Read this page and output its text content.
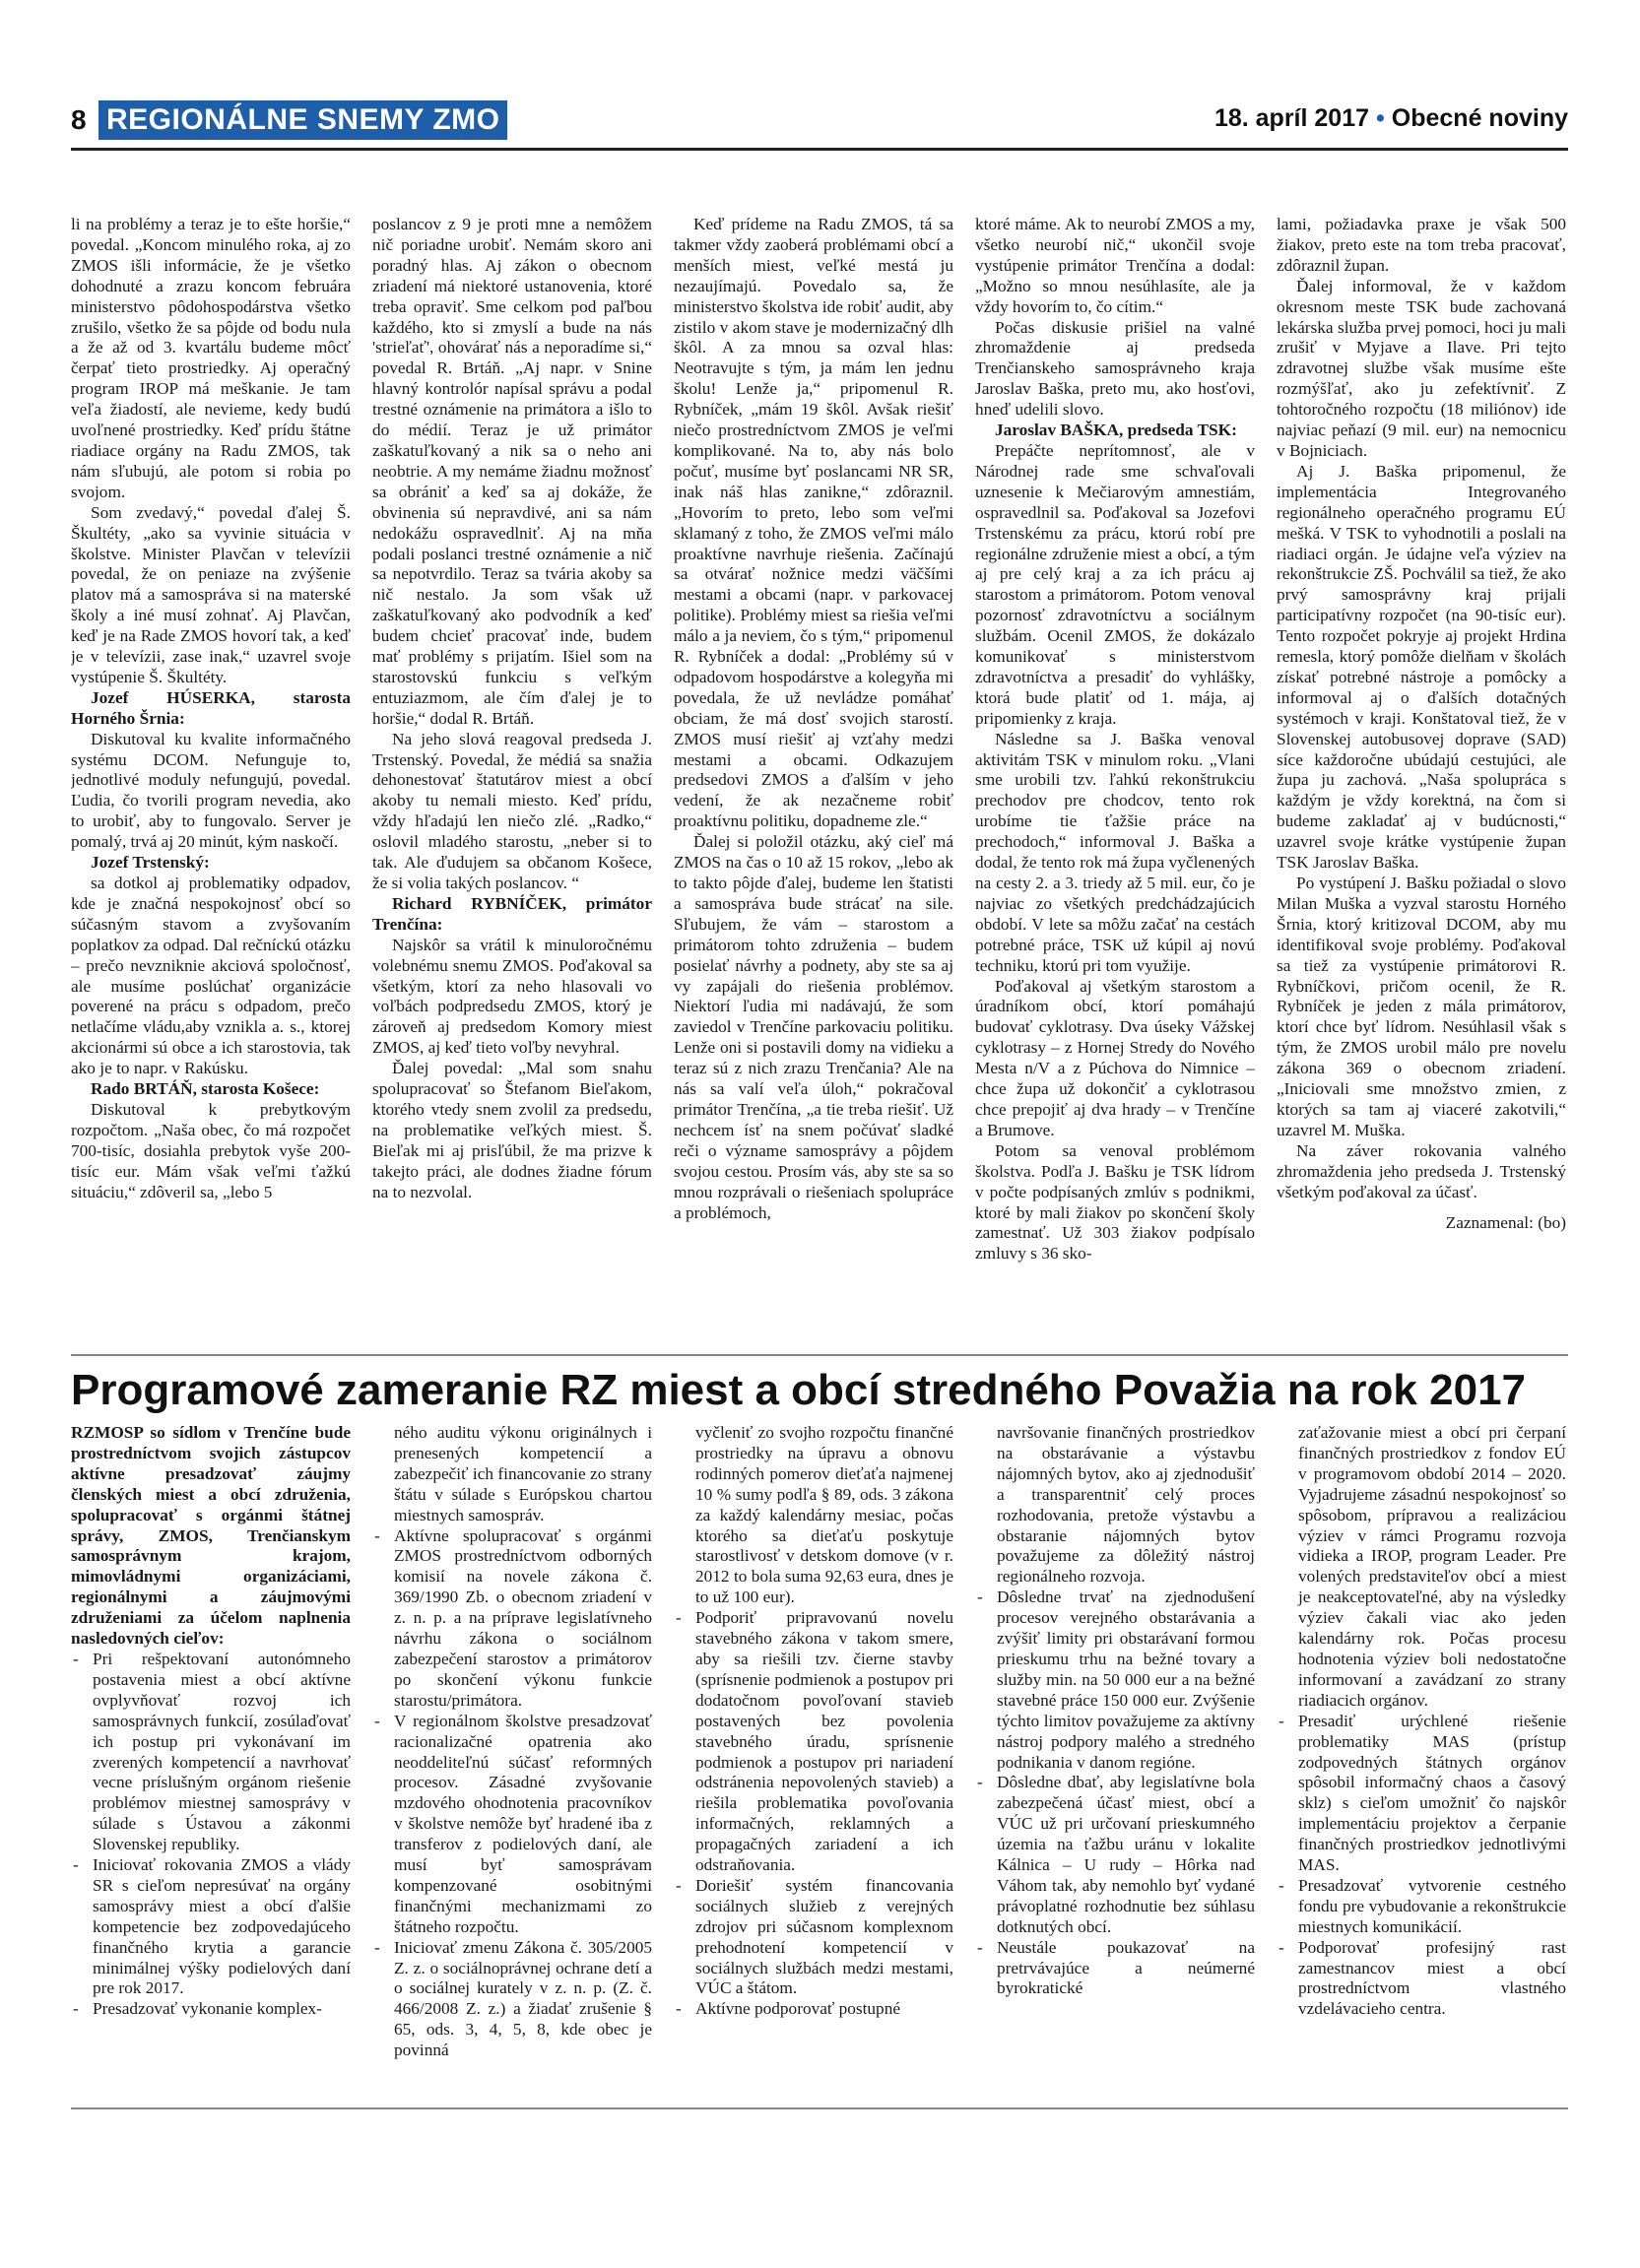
8 REGIONÁLNE SNEMY ZMO	18. apríl 2017 • Obecné noviny

li na problémy a teraz je to ešte horšie,“ povedal. „Koncom minulého roka, aj zo ZMOS išli informácie, že je všetko dohodnuté a zrazu koncom februára ministerstvo pôdohospodárstva všetko zrušilo, všetko že sa pôjde od bodu nula a že až od 3. kvartálu budeme môcť čerpať tieto prostriedky. Aj operačný program IROP má meškanie. Je tam veľa žiadostí, ale nevieme, kedy budú uvoľnené prostriedky. Keď prídu štátne riadiace orgány na Radu ZMOS, tak nám sľubujú, ale potom si robia po svojom.

Som zvedavý,“ povedal ďalej Š. Škultéty, „ako sa vyvinie situácia v školstve. Minister Plavčan v televízii povedal, že on peniaze na zvýšenie platov má a samospráva si na materské školy a iné musí zohnať. Aj Plavčan, keď je na Rade ZMOS hovorí tak, a keď je v televízii, zase inak,“ uzavrel svoje vystúpenie Š. Škultéty.

Jozef HÚSERKA, starosta Horného Šrnia:

Diskutoval ku kvalite informačného systému DCOM. Nefunguje to, jednotlivé moduly nefungujú, povedal. Ľudia, čo tvorili program nevedia, ako to urobiť, aby to fungovalo. Server je pomalý, trvá aj 20 minút, kým naskočí.

Jozef Trstenský:

sa dotkol aj problematiky odpadov, kde je značná nespokojnosť obcí so súčasným stavom a zvyšovaním poplatkov za odpad. Dal rečníckú otázku – prečo nevzniknie akciová spoločnosť, ale musíme poslúchať organizácie poverené na prácu s odpadom, prečo netlačíme vládu,aby vznikla a. s., ktorej akcionármi sú obce a ich starostovia, tak ako je to napr. v Rakúsku.

Rado BRTÁŇ, starosta Košece:

Diskutoval k prebytkovým rozpočtom. „Naša obec, čo má rozpočet 700-tisíc, dosiahla prebytok vyše 200-tisíc eur. Mám však veľmi ťažkú situáciu,“ zdôveril sa, „lebo 5

poslancov z 9 je proti mne a nemôžem nič poriadne urobiť. Nemám skoro ani poradný hlas. Aj zákon o obecnom zriadení má niektoré ustanovenia, ktoré treba opraviť. Sme celkom pod paľbou každého, kto si zmyslí a bude na nás 'strieľať', ohovárať nás a neporadíme si,“ povedal R. Brtáň. „Aj napr. v Snine hlavný kontrolór napísal správu a podal trestné oznámenie na primátora a išlo to do médií. Teraz je už primátor zaškatuľkovaný a nik sa o neho ani neobtrie. A my nemáme žiadnu možnosť sa obrániť a keď sa aj dokáže, že obvinenia sú nepravdivé, ani sa nám nedokážu ospravedlniť. Aj na mňa podali poslanci trestné oznámenie a nič sa nepotvrdilo. Teraz sa tvária akoby sa nič nestalo. Ja som však už zaškatuľkovaný ako podvodník a keď budem chcieť pracovať inde, budem mať problémy s prijatím. Išiel som na starostovskú funkciu s veľkým entuziazmom, ale čím ďalej je to horšie,“ dodal R. Brtáň.

Na jeho slová reagoval predseda J. Trstenský. Povedal, že médiá sa snažia dehonestovať štatutárov miest a obcí akoby tu nemali miesto. Keď prídu, vždy hľadajú len niečo zlé. „Radko,“ oslovil mladého starostu, „neber si to tak. Ale ďudujem sa občanom Košece, že si volia takých poslancov. “

Richard RYBNÍČEK, primátor Trenčína:

Najskôr sa vrátil k minuloročnému volebnému snemu ZMOS. Poďakoval sa všetkým, ktorí za neho hlasovali vo voľbách podpredsedu ZMOS, ktorý je zároveň aj predsedom Komory miest ZMOS, aj keď tieto voľby nevyhral.

Ďalej povedal: „Mal som snahu spolupracovať so Štefanom Bieľakom, ktorého vtedy snem zvolil za predsedu, na problematike veľkých miest. Š. Bieľak mi aj prisľúbil, že ma prizve k takejto práci, ale dodnes žiadne fórum na to nezvolal.

Keď prídeme na Radu ZMOS, tá sa takmer vždy zaoberá problémami obcí a menších miest, veľké mestá ju nezaujímajú. Povedalo sa, že ministerstvo školstva ide robiť audit, aby zistilo v akom stave je modernizačný dlh škôl. A za mnou sa ozval hlas: Neotravujte s tým, ja mám len jednu školu! Lenže ja,“ pripomenul R. Rybníček, „mám 19 škôl. Avšak riešiť niečo prostredníctvom ZMOS je veľmi komplikované. Na to, aby nás bolo počuť, musíme byť poslancami NR SR, inak náš hlas zanikne,“ zdôraznil. „Hovorím to preto, lebo som veľmi sklamaný z toho, že ZMOS veľmi málo proaktívne navrhuje riešenia. Začínajú sa otvárať nožnice medzi väčšími mestami a obcami (napr. v parkovacej politike). Problémy miest sa riešia veľmi málo a ja neviem, čo s tým,“ pripomenul R. Rybníček a dodal: „Problémy sú v odpadovom hospodárstve a kolegyňa mi povedala, že už nevládze pomáhať obciam, že má dosť svojich starostí. ZMOS musí riešiť aj vzťahy medzi mestami a obcami. Odkazujem predsedovi ZMOS a ďalším v jeho vedení, že ak nezačneme robiť proaktívnu politiku, dopadneme zle.“

Ďalej si položil otázku, aký cieľ má ZMOS na čas o 10 až 15 rokov, „lebo ak to takto pôjde ďalej, budeme len štatisti a samospráva bude strácať na sile. Sľubujem, že vám – starostom a primátorom tohto združenia – budem posielať návrhy a podnety, aby ste sa aj vy zapájali do riešenia problémov. Niektorí ľudia mi nadávajú, že som zaviedol v Trenčíne parkovaciu politiku. Lenže oni si postavili domy na vidieku a teraz sú z nich zrazu Trenčania? Ale na nás sa valí veľa úloh,“ pokračoval primátor Trenčína, „a tie treba riešiť. Už nechcem ísť na snem počúvať sladké reči o význame samosprávy a pôjdem svojou cestou. Prosím vás, aby ste sa so mnou rozprávali o riešeniach spolupráce a problémoch,

ktoré máme. Ak to neurobí ZMOS a my, všetko neurobí nič,“ ukončil svoje vystúpenie primátor Trenčína a dodal: „Možno so mnou nesúhlasíte, ale ja vždy hovorím to, čo cítim.“

Počas diskusie prišiel na valné zhromaždenie aj predseda Trenčianskeho samosprávneho kraja Jaroslav Baška, preto mu, ako hosťovi, hneď udelili slovo.

Jaroslav BAŠKA, predseda TSK:

Prepáčte neprítomnosť, ale v Národnej rade sme schvaľovali uznesenie k Mečiarovým amnestiám, ospravedlnil sa. Poďakoval sa Jozefovi Trstenskému za prácu, ktorú robí pre regionálne združenie miest a obcí, a tým aj pre celý kraj a za ich prácu aj starostom a primátorom. Potom venoval pozornosť zdravotníctvu a sociálnym službám. Ocenil ZMOS, že dokázalo komunikovať s ministerstvom zdravotníctva a presadiť do vyhlášky, ktorá bude platiť od 1. mája, aj pripomienky z kraja.

Následne sa J. Baška venoval aktivitám TSK v minulom roku. „Vlani sme urobili tzv. ľahkú rekonštrukciu prechodov pre chodcov, tento rok urobíme tie ťažšie práce na prechodoch,“ informoval J. Baška a dodal, že tento rok má župa vyčlenených na cesty 2. a 3. triedy až 5 mil. eur, čo je najviac zo všetkých predchádzajúcich období. V lete sa môžu začať na cestách potrebné práce, TSK už kúpil aj novú techniku, ktorú pri tom využije.

Poďakoval aj všetkým starostom a úradníkom obcí, ktorí pomáhajú budovať cyklotrasy. Dva úseky Vážskej cyklotrasy – z Hornej Stredy do Nového Mesta n/V a z Púchova do Nimnice – chce župa už dokončiť a cyklotrasou chce prepojiť aj dva hrady – v Trenčíne a Brumove.

Potom sa venoval problémom školstva. Podľa J. Bašku je TSK lídrom v počte podpísaných zmlúv s podnikmi, ktoré by mali žiakov po skončení školy zamestnať. Už 303 žiakov podpísalo zmluvy s 36 sko-

lami, požiadavka praxe je však 500 žiakov, preto este na tom treba pracovať, zdôraznil župan.

Ďalej informoval, že v každom okresnom meste TSK bude zachovaná lekárska služba prvej pomoci, hoci ju mali zrušiť v Myjave a Ilave. Pri tejto zdravotnej službe však musíme ešte rozmýšľať, ako ju zefektívniť. Z tohtoročného rozpočtu (18 miliónov) ide najviac peňazí (9 mil. eur) na nemocnicu v Bojniciach.

Aj J. Baška pripomenul, že implementácia Integrovaného regionálneho operačného programu EÚ mešká. V TSK to vyhodnotili a poslali na riadiaci orgán. Je údajne veľa výziev na rekonštrukcie ZŠ. Pochválil sa tiež, že ako prvý samosprávny kraj prijali participatívny rozpočet (na 90-tisíc eur). Tento rozpočet pokryje aj projekt Hrdina remesla, ktorý pomôže dielňam v školách získať potrebné nástroje a pomôcky a informoval aj o ďalších dotačných systémoch v kraji. Konštatoval tiež, že v Slovenskej autobusovej doprave (SAD) síce každoročne ubúdajú cestujúci, ale župa ju zachová. „Naša spolupráca s každým je vždy korektná, na čom si budeme zakladať aj v budúcnosti,“ uzavrel svoje krátke vystúpenie župan TSK Jaroslav Baška.

Po vystúpení J. Bašku požiadal o slovo Milan Muška a vyzval starostu Horného Šrnia, ktorý kritizoval DCOM, aby mu identifikoval svoje problémy. Poďakoval sa tiež za vystúpenie primátorovi R. Rybníčkovi, pričom ocenil, že R. Rybníček je jeden z mála primátorov, ktorí chce byť lídrom. Nesúhlasil však s tým, že ZMOS urobil málo pre novelu zákona 369 o obecnom zriadení. „Iniciovali sme množstvo zmien, z ktorých sa tam aj viaceré zakotvili,“ uzavrel M. Muška.

Na záver rokovania valného zhromaždenia jeho predseda J. Trstenský všetkým poďakoval za účasť.

Zaznamenal: (bo)

Programové zameranie RZ miest a obcí stredného Považia na rok 2017

RZMOSP so sídlom v Trenčíne bude prostredníctvom svojich zástupcov aktívne presadzovať záujmy členských miest a obcí združenia, spolupracovať s orgánmi štátnej správy, ZMOS, Trenčianskym samosprávnym krajom, mimovládnymi organizáciami, regionálnymi a záujmovými združeniami za účelom naplnenia nasledovných cieľov:

- Pri rešpektovaní autonómneho postavenia miest a obcí aktívne ovplyvňovať rozvoj ich samosprávnych funkcií, zosúlaďovať ich postup pri vykonávaní im zverených kompetencií a navrhovať vecne príslušným orgánom riešenie problémov miestnej samosprávy v súlade s Ústavou a zákonmi Slovenskej republiky.

- Iniciovať rokovania ZMOS a vlády SR s cieľom nepresúvať na orgány samosprávy miest a obcí ďalšie kompetencie bez zodpovedajúceho finančného krytia a garancie minimálnej výšky podielových daní pre rok 2017.

- Presadzovať vykonanie komplex-

ného auditu výkonu originálnych i prenesených kompetencií a zabezpečiť ich financovanie zo strany štátu v súlade s Európskou chartou miestnych samospráv.

- Aktívne spolupracovať s orgánmi ZMOS prostredníctvom odborných komisií na novele zákona č. 369/1990 Zb. o obecnom zriadení v z. n. p. a na príprave legislatívneho návrhu zákona o sociálnom zabezpečení starostov a primátorov po skončení výkonu funkcie starostu/primátora.

- V regionálnom školstve presadzovať racionalizačné opatrenia ako neoddeliteľnú súčasť reformných procesov. Zásadné zvyšovanie mzdového ohodnotenia pracovníkov v školstve nemôže byť hradené iba z transferov z podielových daní, ale musí byť samosprávam kompenzované osobitnými finančnými mechanizmami zo štátneho rozpočtu.

- Iniciovať zmenu Zákona č. 305/2005 Z. z. o sociálnoprávnej ochrane detí a o sociálnej kurately v z. n. p. (Z. č. 466/2008 Z. z.) a žiadať zrušenie § 65, ods. 3, 4, 5, 8, kde obec je povinná

vyčleniť zo svojho rozpočtu finančné prostriedky na úpravu a obnovu rodinných pomerov dieťaťa najmenej 10 % sumy podľa § 89, ods. 3 zákona za každý kalendárny mesiac, počas ktorého sa dieťaťu poskytuje starostlivosť v detskom domove (v r. 2012 to bola suma 92,63 eura, dnes je to už 100 eur).

- Podporiť pripravovanú novelu stavebného zákona v takom smere, aby sa riešili tzv. čierne stavby (sprísnenie podmienok a postupov pri dodatočnom povoľovaní stavieb postavených bez povolenia stavebného úradu, sprísnenie podmienok a postupov pri nariadení odstránenia nepovolených stavieb) a riešila problematika povoľovania informačných, reklamných a propagačných zariadení a ich odstraňovania.

- Doriešiť systém financovania sociálnych služieb z verejných zdrojov pri súčasnom komplexnom prehodnotení kompetencií v sociálnych službách medzi mestami, VÚC a štátom.

- Aktívne podporovať postupné

navršovanie finančných prostriedkov na obstarávanie a výstavbu nájomných bytov, ako aj zjednodušiť a transparentniť celý proces rozhodovania, pretože výstavbu a obstaranie nájomných bytov považujeme za dôležitý nástroj regionálneho rozvoja.

- Dôsledne trvať na zjednodušení procesov verejného obstarávania a zvýšiť limity pri obstarávaní formou prieskumu trhu na bežné tovary a služby min. na 50 000 eur a na bežné stavebné práce 150 000 eur. Zvýšenie týchto limitov považujeme za aktívny nástroj podpory malého a stredného podnikania v danom regióne.

- Dôsledne dbať, aby legislatívne bola zabezpečená účasť miest, obcí a VÚC už pri určovaní prieskumného územia na ťažbu uránu v lokalite Kálnica – U rudy – Hôrka nad Váhom tak, aby nemohlo byť vydané právoplatné rozhodnutie bez súhlasu dotknutých obcí.

- Neustále poukazovať na pretrvávajúce a neúmerné byrokratické

zaťažovanie miest a obcí pri čerpaní finančných prostriedkov z fondov EÚ v programovom období 2014 – 2020. Vyjadrujeme zásadnú nespokojnosť so spôsobom, prípravou a realizáciou výziev v rámci Programu rozvoja vidieka a IROP, program Leader. Pre volených predstaviteľov obcí a miest je neakceptovateľné, aby na výsledky výziev čakali viac ako jeden kalendárny rok. Počas procesu hodnotenia výziev boli nedostatočne informovaní a zavádzaní zo strany riadiacich orgánov.

- Presadiť urýchlené riešenie problematiky MAS (prístup zodpovedných štátnych orgánov spôsobil informačný chaos a časový sklz) s cieľom umožniť čo najskôr implementáciu projektov a čerpanie finančných prostriedkov jednotlivými MAS.

- Presadzovať vytvorenie cestného fondu pre vybudovanie a rekonštrukcie miestnych komunikácií.

- Podporovať profesijný rast zamestnancov miest a obcí prostredníctvom vlastného vzdelávacieho centra.
